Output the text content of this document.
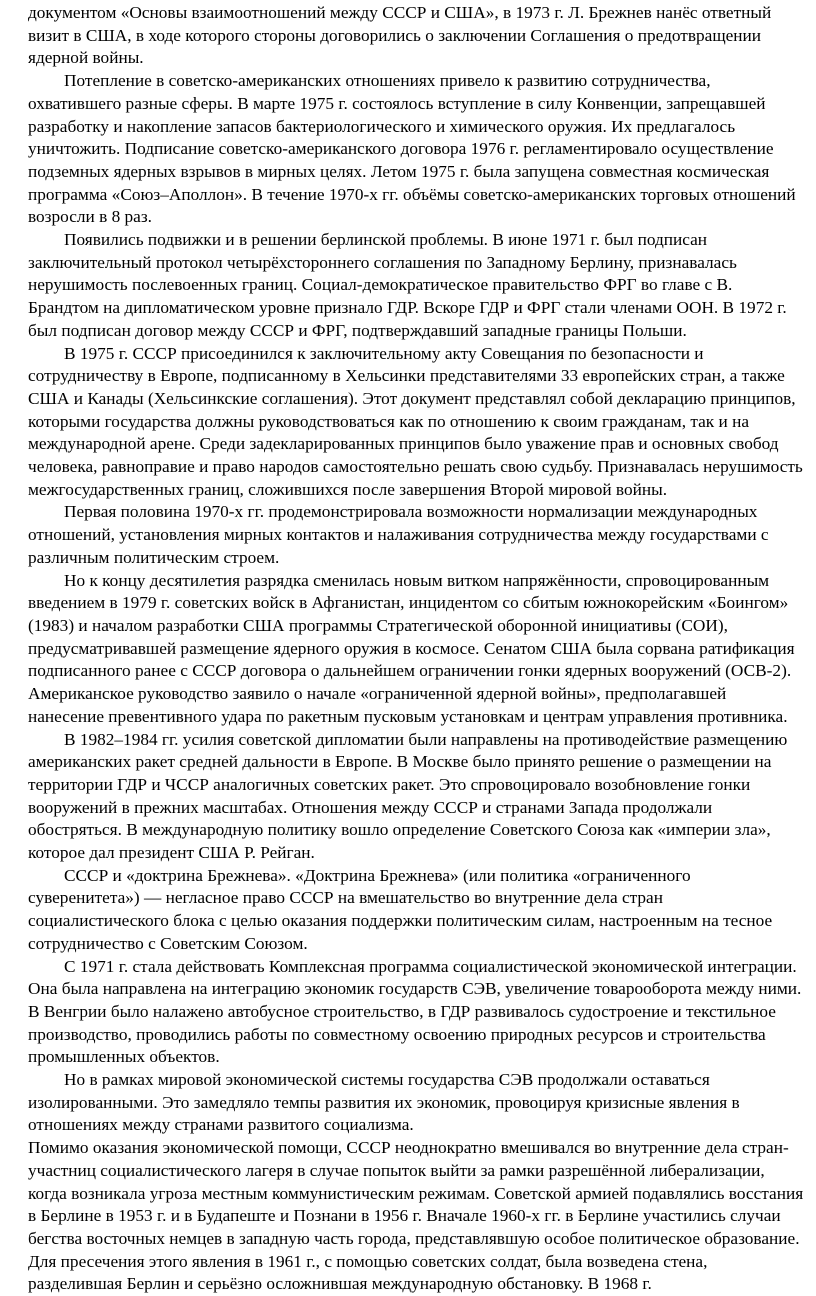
документом «Основы взаимоотношений между СССР и США», в 1973 г. Л. Брежнев нанёс ответный визит в США, в ходе которого стороны договорились о заключении Соглашения о предотвращении ядерной войны.

Потепление в советско-американских отношениях привело к развитию сотрудничества, охватившего разные сферы. В марте 1975 г. состоялось вступление в силу Конвенции, запрещавшей разработку и накопление запасов бактериологического и химического оружия. Их предлагалось уничтожить. Подписание советско-американского договора 1976 г. регламентировало осуществление подземных ядерных взрывов в мирных целях. Летом 1975 г. была запущена совместная космическая программа «Союз–Аполлон». В течение 1970-х гг. объёмы советско-американских торговых отношений возросли в 8 раз.

Появились подвижки и в решении берлинской проблемы. В июне 1971 г. был подписан заключительный протокол четырёхстороннего соглашения по Западному Берлину, признавалась нерушимость послевоенных границ. Социал-демократическое правительство ФРГ во главе с В. Брандтом на дипломатическом уровне признало ГДР. Вскоре ГДР и ФРГ стали членами ООН. В 1972 г. был подписан договор между СССР и ФРГ, подтверждавший западные границы Польши.

В 1975 г. СССР присоединился к заключительному акту Совещания по безопасности и сотрудничеству в Европе, подписанному в Хельсинки представителями 33 европейских стран, а также США и Канады (Хельсинкские соглашения). Этот документ представлял собой декларацию принципов, которыми государства должны руководствоваться как по отношению к своим гражданам, так и на международной арене. Среди задекларированных принципов было уважение прав и основных свобод человека, равноправие и право народов самостоятельно решать свою судьбу. Признавалась нерушимость межгосударственных границ, сложившихся после завершения Второй мировой войны.

Первая половина 1970-х гг. продемонстрировала возможности нормализации международных отношений, установления мирных контактов и налаживания сотрудничества между государствами с различным политическим строем.

Но к концу десятилетия разрядка сменилась новым витком напряжённости, спровоцированным введением в 1979 г. советских войск в Афганистан, инцидентом со сбитым южнокорейским «Боингом» (1983) и началом разработки США программы Стратегической оборонной инициативы (СОИ), предусматривавшей размещение ядерного оружия в космосе. Сенатом США была сорвана ратификация подписанного ранее с СССР договора о дальнейшем ограничении гонки ядерных вооружений (ОСВ-2). Американское руководство заявило о начале «ограниченной ядерной войны», предполагавшей нанесение превентивного удара по ракетным пусковым установкам и центрам управления противника.

В 1982–1984 гг. усилия советской дипломатии были направлены на противодействие размещению американских ракет средней дальности в Европе. В Москве было принято решение о размещении на территории ГДР и ЧССР аналогичных советских ракет. Это спровоцировало возобновление гонки вооружений в прежних масштабах. Отношения между СССР и странами Запада продолжали обостряться. В международную политику вошло определение Советского Союза как «империи зла», которое дал президент США Р. Рейган.

СССР и «доктрина Брежнева». «Доктрина Брежнева» (или политика «ограниченного суверенитета») — негласное право СССР на вмешательство во внутренние дела стран социалистического блока с целью оказания поддержки политическим силам, настроенным на тесное сотрудничество с Советским Союзом.

С 1971 г. стала действовать Комплексная программа социалистической экономической интеграции. Она была направлена на интеграцию экономик государств СЭВ, увеличение товарооборота между ними. В Венгрии было налажено автобусное строительство, в ГДР развивалось судостроение и текстильное производство, проводились работы по совместному освоению природных ресурсов и строительства промышленных объектов.

Но в рамках мировой экономической системы государства СЭВ продолжали оставаться изолированными. Это замедляло темпы развития их экономик, провоцируя кризисные явления в отношениях между странами развитого социализма.

Помимо оказания экономической помощи, СССР неоднократно вмешивался во внутренние дела стран-участниц социалистического лагеря в случае попыток выйти за рамки разрешённой либерализации, когда возникала угроза местным коммунистическим режимам. Советской армией подавлялись восстания в Берлине в 1953 г. и в Будапеште и Познани в 1956 г. Вначале 1960-х гг. в Берлине участились случаи бегства восточных немцев в западную часть города, представлявшую особое политическое образование. Для пресечения этого явления в 1961 г., с помощью советских солдат, была возведена стена, разделившая Берлин и серьёзно осложнившая международную обстановку. В 1968 г.
